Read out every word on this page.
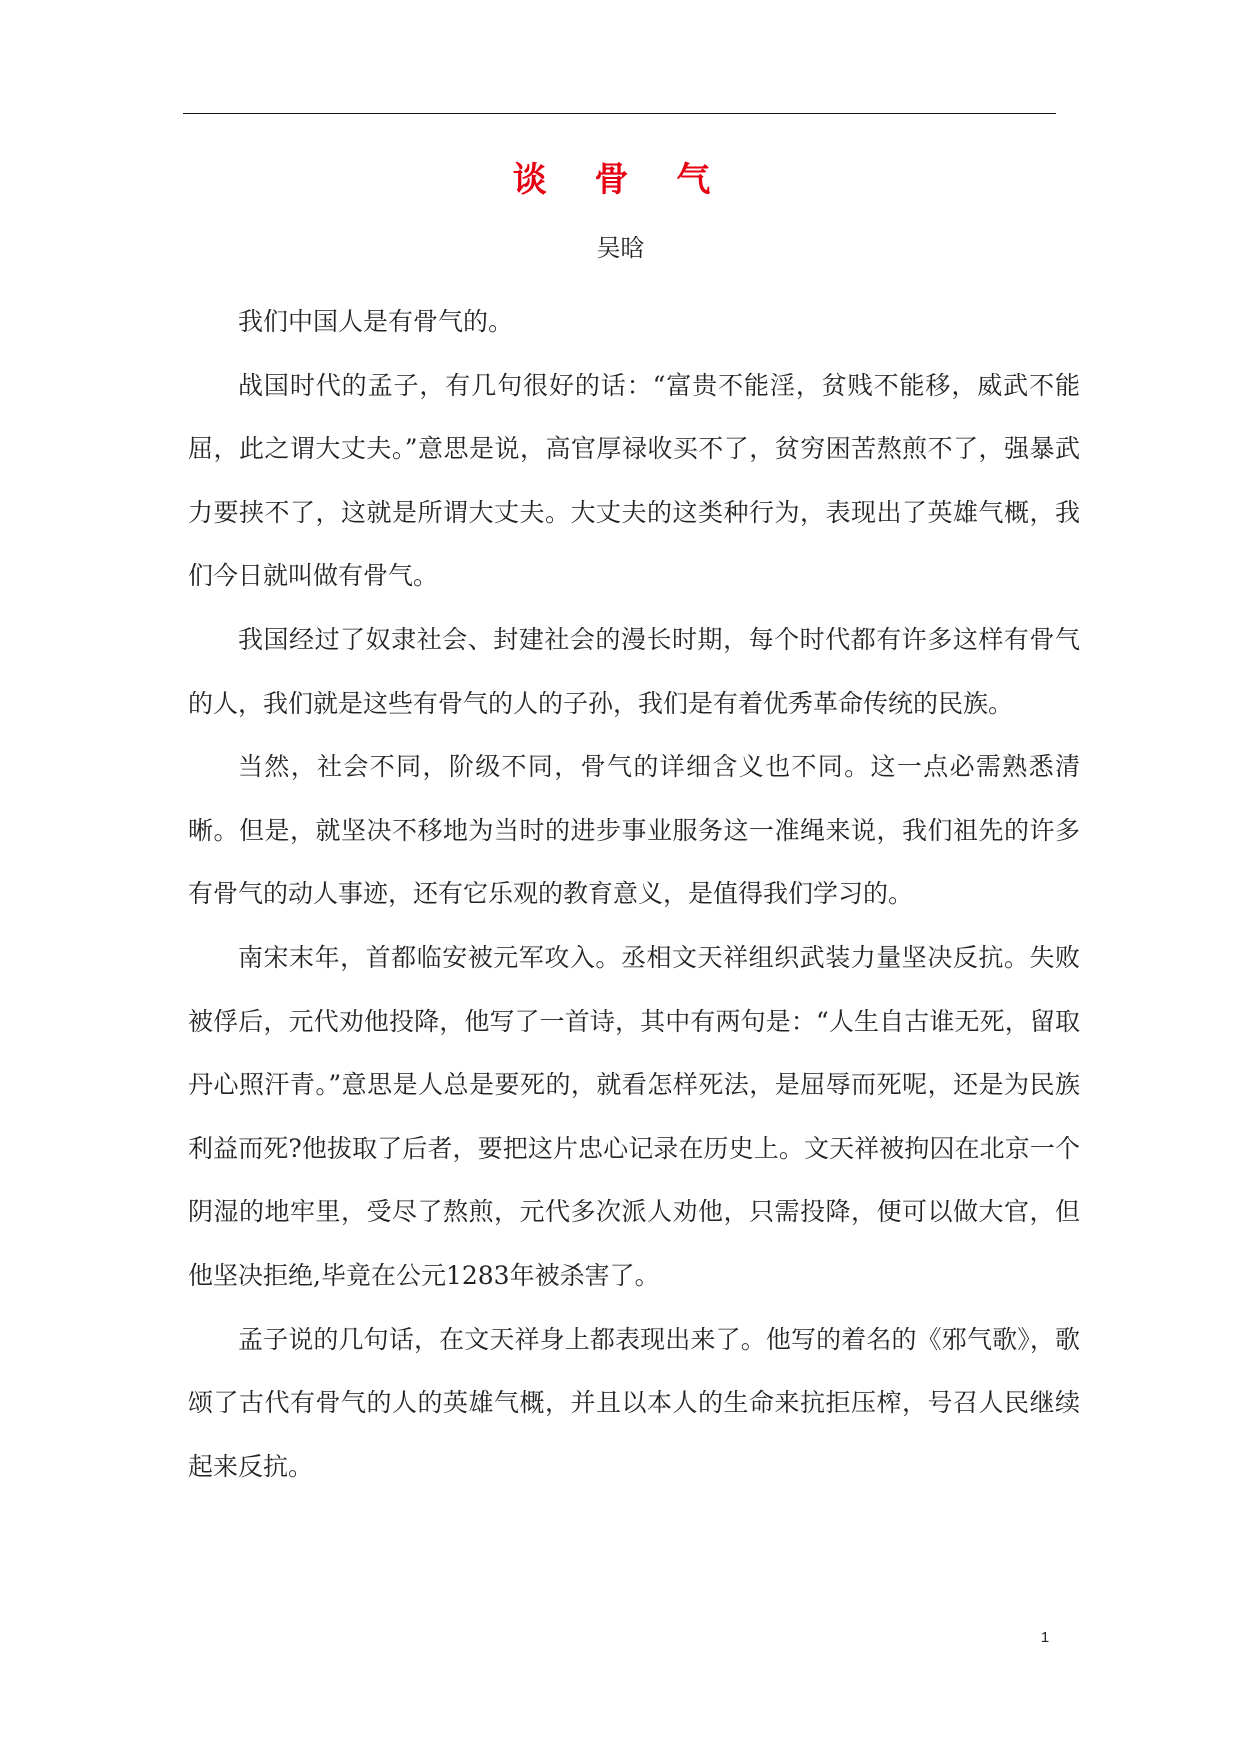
谈 骨 气
吴晗

我们中国人是有骨气的。

战国时代的孟子，有几句很好的话：“富贵不能淫，贫贱不能移，威武不能屈，此之谓大丈夫。”意思是说，高官厚禄收买不了，贫穷困苦熬煎不了，强暴武力要挟不了，这就是所谓大丈夫。大丈夫的这类种行为，表现出了英雄气概，我们今日就叫做有骨气。

我国经过了奴隶社会、封建社会的漫长时期，每个时代都有许多这样有骨气的人，我们就是这些有骨气的人的子孙，我们是有着优秀革命传统的民族。

当然，社会不同，阶级不同，骨气的详细含义也不同。这一点必需熟悉清晰。但是，就坚决不移地为当时的进步事业服务这一准绳来说，我们祖先的许多有骨气的动人事迹，还有它乐观的教育意义，是值得我们学习的。

南宋末年，首都临安被元军攻入。丞相文天祥组织武装力量坚决反抗。失败被俘后，元代劝他投降，他写了一首诗，其中有两句是：“人生自古谁无死，留取丹心照汗青。”意思是人总是要死的，就看怎样死法，是屈辱而死呢，还是为民族利益而死?他拔取了后者，要把这片忠心记录在历史上。文天祥被拘囚在北京一个阴湿的地牢里，受尽了熬煎，元代多次派人劝他，只需投降，便可以做大官，但他坚决拒绝,毕竟在公元1283年被杀害了。

孟子说的几句话，在文天祥身上都表现出来了。他写的着名的《邪气歌》，歌颂了古代有骨气的人的英雄气概，并且以本人的生命来抗拒压榨，号召人民继续起来反抗。

1
